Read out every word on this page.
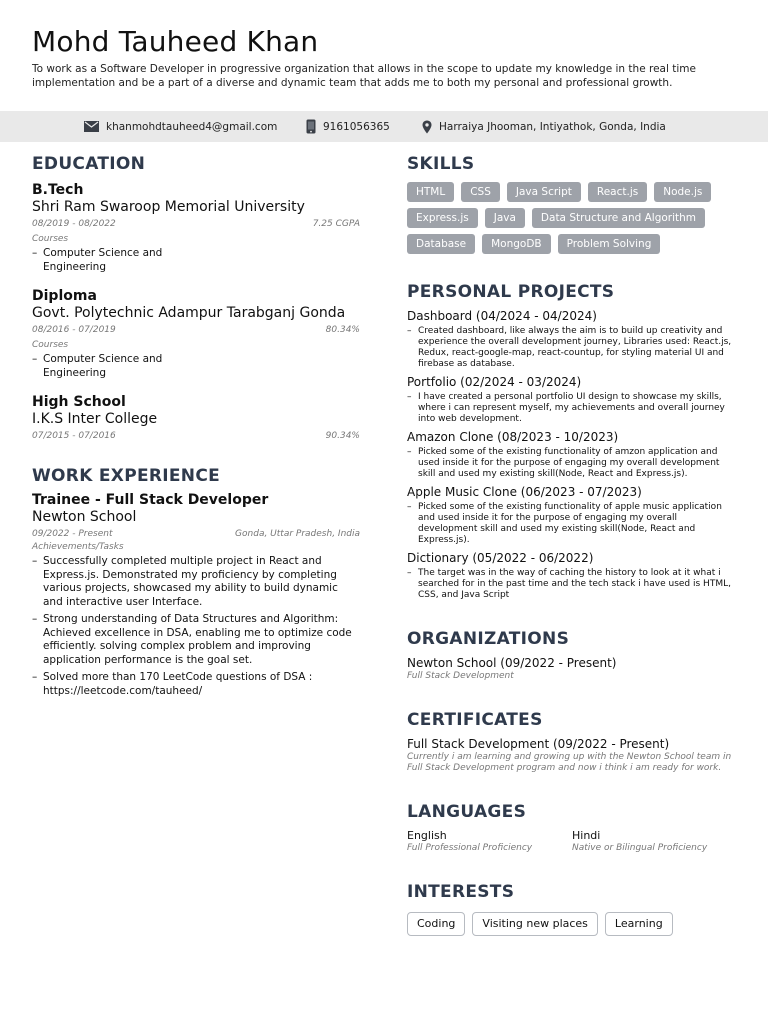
Mohd Tauheed Khan

To work as a Software Developer in progressive organization that allows in the scope to update my knowledge in the real time implementation and be a part of a diverse and dynamic team that adds me to both my personal and professional growth.

khanmohdtauheed4@gmail.com	9161056365	Harraiya Jhooman, Intiyathok, Gonda, India
EDUCATION
B.Tech
Shri Ram Swaroop Memorial University
08/2019 - 08/2022	7.25 CGPA
Courses
– Computer Science and Engineering
Diploma
Govt. Polytechnic Adampur Tarabganj Gonda
08/2016 - 07/2019	80.34%
Courses
– Computer Science and Engineering
High School
I.K.S Inter College
07/2015 - 07/2016	90.34%
WORK EXPERIENCE
Trainee - Full Stack Developer
Newton School
09/2022 - Present	Gonda, Uttar Pradesh, India
Achievements/Tasks
– Successfully completed multiple project in React and Express.js. Demonstrated my proficiency by completing various projects, showcased my ability to build dynamic and interactive user Interface.
– Strong understanding of Data Structures and Algorithm: Achieved excellence in DSA, enabling me to optimize code efficiently. solving complex problem and improving application performance is the goal set.
– Solved more than 170 LeetCode questions of DSA : https://leetcode.com/tauheed/
SKILLS
HTML	CSS	Java Script	React.js	Node.js
Express.js	Java	Data Structure and Algorithm
Database	MongoDB	Problem Solving
PERSONAL PROJECTS
Dashboard (04/2024 - 04/2024)
– Created dashboard, like always the aim is to build up creativity and experience the overall development journey, Libraries used: React.js, Redux, react-google-map, react-countup, for styling material UI and firebase as database.
Portfolio (02/2024 - 03/2024)
– I have created a personal portfolio UI design to showcase my skills, where i can represent myself, my achievements and overall journey into web development.
Amazon Clone (08/2023 - 10/2023)
– Picked some of the existing functionality of amzon application and used inside it for the purpose of engaging my overall development skill and used my existing skill(Node, React and Express.js).
Apple Music Clone (06/2023 - 07/2023)
– Picked some of the existing functionality of apple music application and used inside it for the purpose of engaging my overall development skill and used my existing skill(Node, React and Express.js).
Dictionary (05/2022 - 06/2022)
– The target was in the way of caching the history to look at it what i searched for in the past time and the tech stack i have used is HTML, CSS, and Java Script
ORGANIZATIONS
Newton School (09/2022 - Present)
Full Stack Development
CERTIFICATES
Full Stack Development (09/2022 - Present)
Currently i am learning and growing up with the Newton School team in Full Stack Development program and now i think i am ready for work.
LANGUAGES
English
Full Professional Proficiency
Hindi
Native or Bilingual Proficiency
INTERESTS
Coding	Visiting new places	Learning
